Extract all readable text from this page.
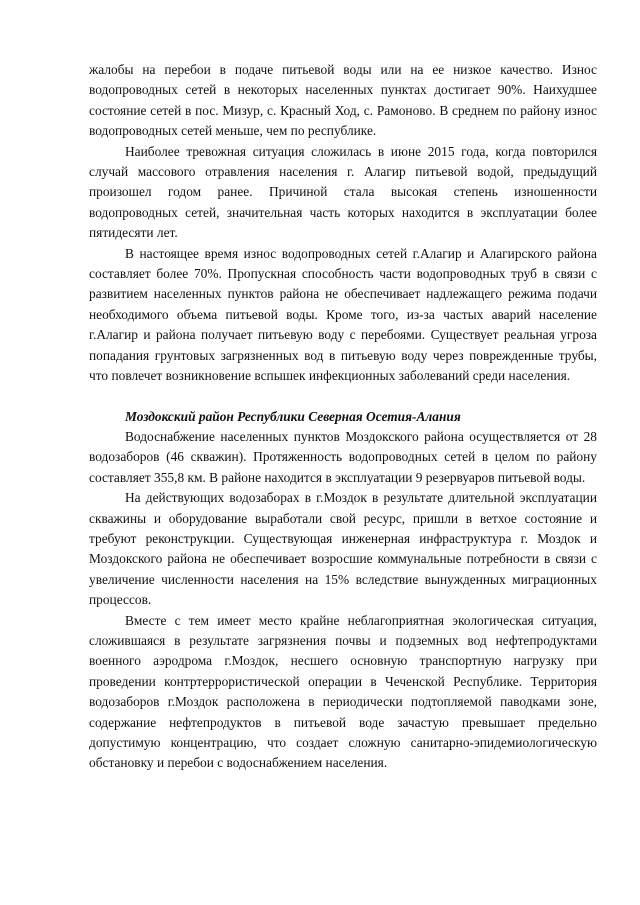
жалобы на перебои в подаче питьевой воды или на ее низкое качество. Износ водопроводных сетей в некоторых населенных пунктах достигает 90%. Наихудшее состояние сетей в пос. Мизур, с. Красный Ход, с. Рамоново. В среднем по району износ водопроводных сетей меньше, чем по республике.

Наиболее тревожная ситуация сложилась в июне 2015 года, когда повторился случай массового отравления населения г. Алагир питьевой водой, предыдущий произошел годом ранее. Причиной стала высокая степень изношенности водопроводных сетей, значительная часть которых находится в эксплуатации более пятидесяти лет.

В настоящее время износ водопроводных сетей г.Алагир и Алагирского района составляет более 70%. Пропускная способность части водопроводных труб в связи с развитием населенных пунктов района не обеспечивает надлежащего режима подачи необходимого объема питьевой воды. Кроме того, из-за частых аварий население г.Алагир и района получает питьевую воду с перебоями. Существует реальная угроза попадания грунтовых загрязненных вод в питьевую воду через поврежденные трубы, что повлечет возникновение вспышек инфекционных заболеваний среди населения.

Моздокский район Республики Северная Осетия-Алания

Водоснабжение населенных пунктов Моздокского района осуществляется от 28 водозаборов (46 скважин). Протяженность водопроводных сетей в целом по району составляет 355,8 км. В районе находится в эксплуатации 9 резервуаров питьевой воды.

На действующих водозаборах в г.Моздок в результате длительной эксплуатации скважины и оборудование выработали свой ресурс, пришли в ветхое состояние и требуют реконструкции. Существующая инженерная инфраструктура г. Моздок и Моздокского района не обеспечивает возросшие коммунальные потребности в связи с увеличение численности населения на 15% вследствие вынужденных миграционных процессов.

Вместе с тем имеет место крайне неблагоприятная экологическая ситуация, сложившаяся в результате загрязнения почвы и подземных вод нефтепродуктами военного аэродрома г.Моздок, несшего основную транспортную нагрузку при проведении контртеррористической операции в Чеченской Республике. Территория водозаборов г.Моздок расположена в периодически подтопляемой паводками зоне, содержание нефтепродуктов в питьевой воде зачастую превышает предельно допустимую концентрацию, что создает сложную санитарно-эпидемиологическую обстановку и перебои с водоснабжением населения.
